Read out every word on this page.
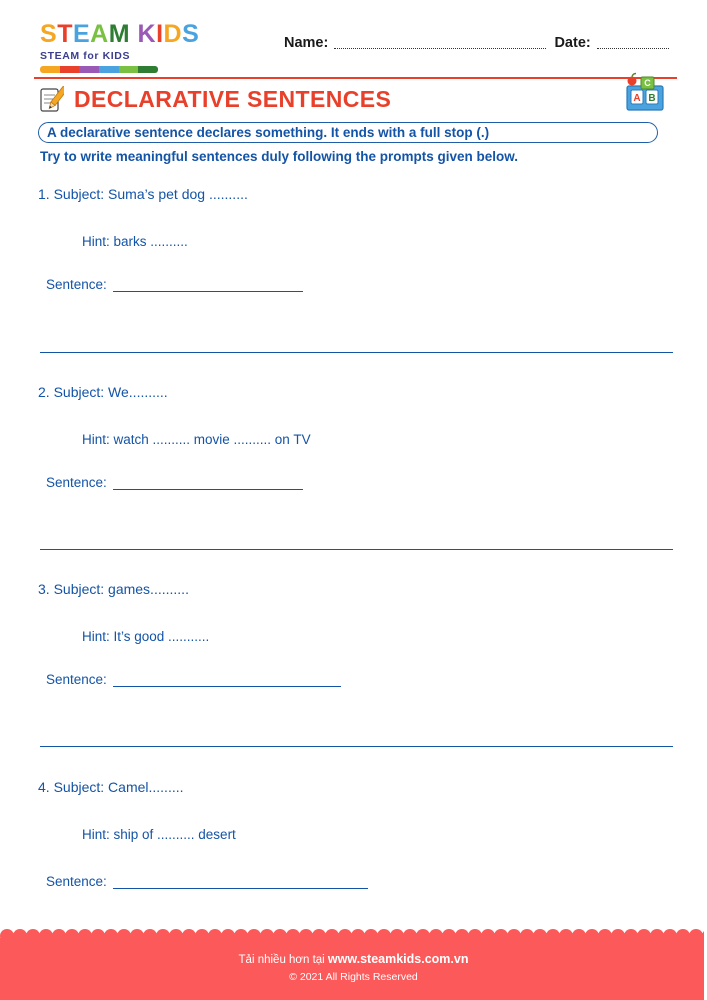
STEAM KIDS
STEAM for KIDS
Name:	Date:
DECLARATIVE SENTENCES	A B
C
A declarative sentence declares something. It ends with a full stop (.)
Try to write meaningful sentences duly following the prompts given below.
1. Subject: Suma’s pet dog ..........
Hint: barks ..........
Sentence:
2. Subject: We..........
Hint: watch .......... movie .......... on TV
Sentence:
3. Subject: games..........
Hint: It’s good ...........
Sentence:
4. Subject: Camel.........
Hint: ship of .......... desert
Sentence:
Tải nhiều hơn tại www.steamkids.com.vn
© 2021 All Rights Reserved
